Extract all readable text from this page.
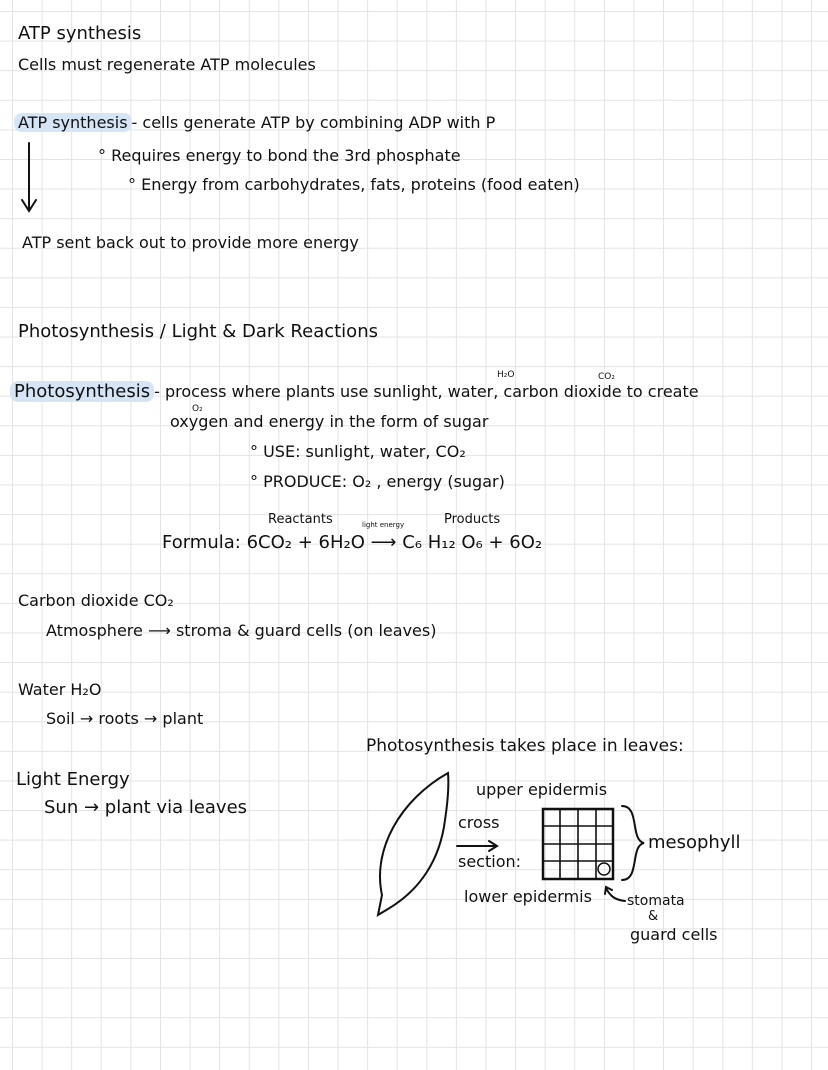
ATP synthesis
Cells must regenerate ATP molecules
ATP synthesis - cells generate ATP by combining ADP with P
° Requires energy to bond the 3rd phosphate
° Energy from carbohydrates, fats, proteins (food eaten)
ATP sent back out to provide more energy
Photosynthesis / Light & Dark Reactions
H₂O	CO₂
Photosynthesis - process where plants use sunlight, water, carbon dioxide to create
O₂
oxygen and energy in the form of sugar
° USE: sunlight, water, CO₂
° PRODUCE: O₂ , energy (sugar)
Reactants	Products
light energy
Formula: 6CO₂ + 6H₂O ⟶ C₆ H₁₂ O₆ + 6O₂
Carbon dioxide CO₂
Atmosphere ⟶ stroma & guard cells (on leaves)
Water H₂O
Soil → roots → plant
Light Energy
Sun → plant via leaves
Photosynthesis takes place in leaves:
upper epidermis
cross
section:
lower epidermis
mesophyll
stomata
&
guard cells
